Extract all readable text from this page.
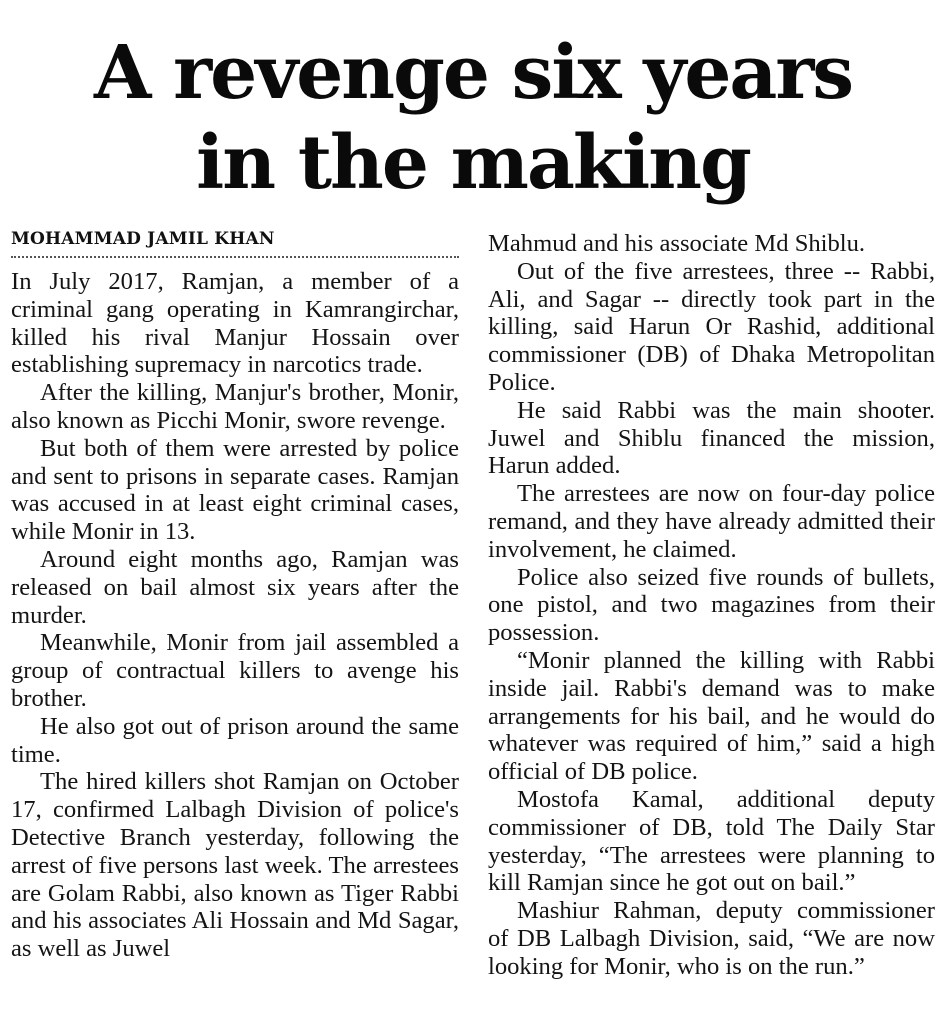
A revenge six years
in the making
MOHAMMAD JAMIL KHAN

In July 2017, Ramjan, a member of a criminal gang operating in Kamrangirchar, killed his rival Manjur Hossain over establishing supremacy in narcotics trade.

After the killing, Manjur's brother, Monir, also known as Picchi Monir, swore revenge.

But both of them were arrested by police and sent to prisons in separate cases. Ramjan was accused in at least eight criminal cases, while Monir in 13.

Around eight months ago, Ramjan was released on bail almost six years after the murder.

Meanwhile, Monir from jail assembled a group of contractual killers to avenge his brother.

He also got out of prison around the same time.

The hired killers shot Ramjan on October 17, confirmed Lalbagh Division of police's Detective Branch yesterday, following the arrest of five persons last week. The arrestees are Golam Rabbi, also known as Tiger Rabbi and his associates Ali Hossain and Md Sagar, as well as Juwel

Mahmud and his associate Md Shiblu.

Out of the five arrestees, three -- Rabbi, Ali, and Sagar -- directly took part in the killing, said Harun Or Rashid, additional commissioner (DB) of Dhaka Metropolitan Police.

He said Rabbi was the main shooter. Juwel and Shiblu financed the mission, Harun added.

The arrestees are now on four-day police remand, and they have already admitted their involvement, he claimed.

Police also seized five rounds of bullets, one pistol, and two magazines from their possession.

“Monir planned the killing with Rabbi inside jail. Rabbi's demand was to make arrangements for his bail, and he would do whatever was required of him,” said a high official of DB police.

Mostofa Kamal, additional deputy commissioner of DB, told The Daily Star yesterday, “The arrestees were planning to kill Ramjan since he got out on bail.”

Mashiur Rahman, deputy commissioner of DB Lalbagh Division, said, “We are now looking for Monir, who is on the run.”
